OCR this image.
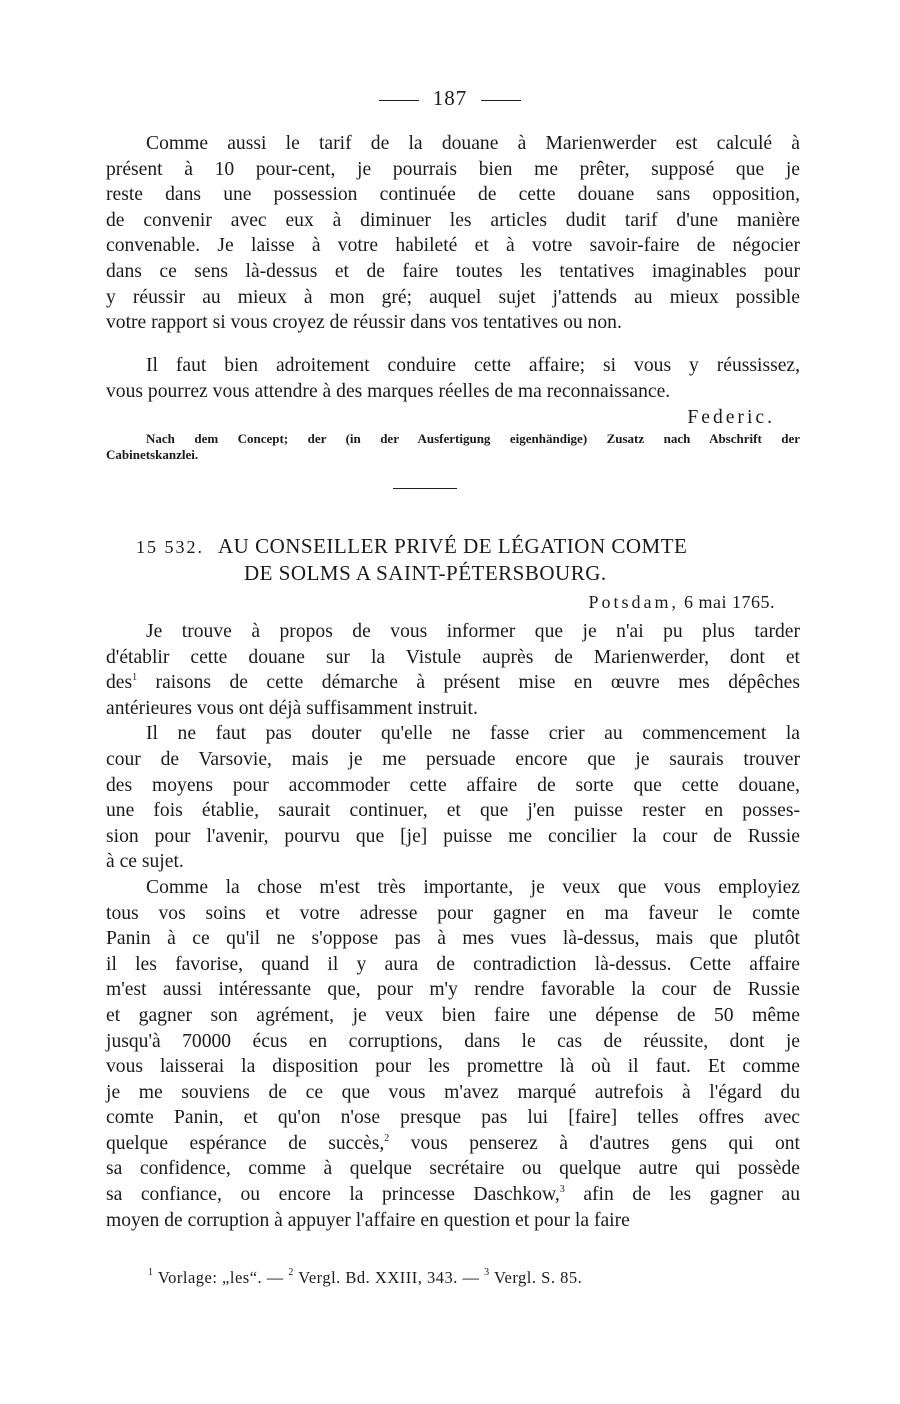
187
Comme aussi le tarif de la douane à Marienwerder est calculé à
présent à 10 pour-cent, je pourrais bien me prêter, supposé que je
reste dans une possession continuée de cette douane sans opposition,
de convenir avec eux à diminuer les articles dudit tarif d'une manière
convenable. Je laisse à votre habileté et à votre savoir-faire de négocier
dans ce sens là-dessus et de faire toutes les tentatives imaginables pour
y réussir au mieux à mon gré; auquel sujet j'attends au mieux possible
votre rapport si vous croyez de réussir dans vos tentatives ou non.
Il faut bien adroitement conduire cette affaire; si vous y réussissez,
vous pourrez vous attendre à des marques réelles de ma reconnaissance.
Federic.
Nach dem Concept; der (in der Ausfertigung eigenhändige) Zusatz nach Abschrift der
Cabinetskanzlei.
15 532. AU CONSEILLER PRIVÉ DE LÉGATION COMTE
DE SOLMS A SAINT-PÉTERSBOURG.
Potsdam, 6 mai 1765.
Je trouve à propos de vous informer que je n'ai pu plus tarder
d'établir cette douane sur la Vistule auprès de Marienwerder, dont et
des$^1$ raisons de cette démarche à présent mise en œuvre mes dépêches
antérieures vous ont déjà suffisamment instruit.
Il ne faut pas douter qu'elle ne fasse crier au commencement la
cour de Varsovie, mais je me persuade encore que je saurais trouver
des moyens pour accommoder cette affaire de sorte que cette douane,
une fois établie, saurait continuer, et que j'en puisse rester en posses-
sion pour l'avenir, pourvu que [je] puisse me concilier la cour de Russie
à ce sujet.
Comme la chose m'est très importante, je veux que vous employiez
tous vos soins et votre adresse pour gagner en ma faveur le comte
Panin à ce qu'il ne s'oppose pas à mes vues là-dessus, mais que plutôt
il les favorise, quand il y aura de contradiction là-dessus. Cette affaire
m'est aussi intéressante que, pour m'y rendre favorable la cour de Russie
et gagner son agrément, je veux bien faire une dépense de 50 même
jusqu'à 70000 écus en corruptions, dans le cas de réussite, dont je
vous laisserai la disposition pour les promettre là où il faut. Et comme
je me souviens de ce que vous m'avez marqué autrefois à l'égard du
comte Panin, et qu'on n'ose presque pas lui [faire] telles offres avec
quelque espérance de succès,$^2$ vous penserez à d'autres gens qui ont
sa confidence, comme à quelque secrétaire ou quelque autre qui possède
sa confiance, ou encore la princesse Daschkow,$^3$ afin de les gagner au
moyen de corruption à appuyer l'affaire en question et pour la faire
$^1$ Vorlage: „les“. — $^2$ Vergl. Bd. XXIII, 343. — $^3$ Vergl. S. 85.
